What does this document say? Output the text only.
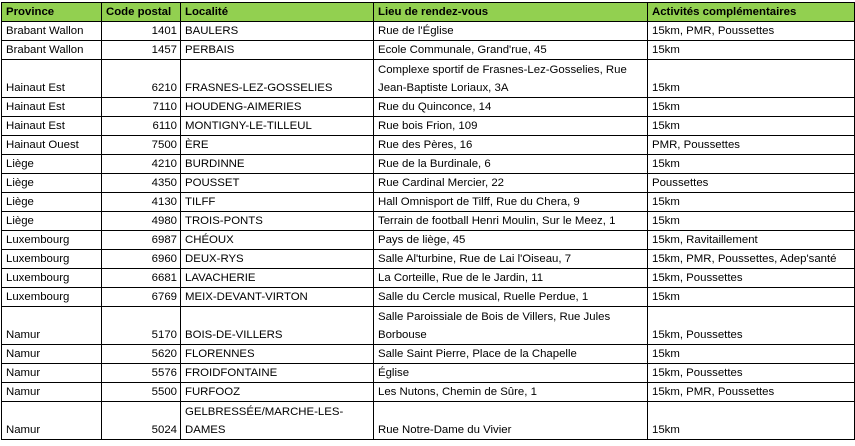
Province	Code postal	Localité	Lieu de rendez-vous	Activités complémentaires
Brabant Wallon	1401	BAULERS	Rue de l'Église	15km, PMR, Poussettes
Brabant Wallon	1457	PERBAIS	Ecole Communale, Grand'rue, 45	15km
Hainaut Est	6210	FRASNES-LEZ-GOSSELIES	Complexe sportif de Frasnes-Lez-Gosselies, Rue Jean-Baptiste Loriaux, 3A	15km
Hainaut Est	7110	HOUDENG-AIMERIES	Rue du Quinconce, 14	15km
Hainaut Est	6110	MONTIGNY-LE-TILLEUL	Rue bois Frion, 109	15km
Hainaut Ouest	7500	ÈRE	Rue des Pères, 16	PMR, Poussettes
Liège	4210	BURDINNE	Rue de la Burdinale, 6	15km
Liège	4350	POUSSET	Rue Cardinal Mercier, 22	Poussettes
Liège	4130	TILFF	Hall Omnisport de Tilff, Rue du Chera, 9	15km
Liège	4980	TROIS-PONTS	Terrain de football Henri Moulin, Sur le Meez, 1	15km
Luxembourg	6987	CHÉOUX	Pays de liège, 45	15km, Ravitaillement
Luxembourg	6960	DEUX-RYS	Salle Al'turbine, Rue de Lai l'Oiseau, 7	15km, PMR, Poussettes, Adep'santé
Luxembourg	6681	LAVACHERIE	La Corteille, Rue de le Jardin, 11	15km, Poussettes
Luxembourg	6769	MEIX-DEVANT-VIRTON	Salle du Cercle musical, Ruelle Perdue, 1	15km
Namur	5170	BOIS-DE-VILLERS	Salle Paroissiale de Bois de Villers, Rue Jules Borbouse	15km, Poussettes
Namur	5620	FLORENNES	Salle Saint Pierre, Place de la Chapelle	15km
Namur	5576	FROIDFONTAINE	Église	15km, Poussettes
Namur	5500	FURFOOZ	Les Nutons, Chemin de Sûre, 1	15km, PMR, Poussettes
Namur	5024	GELBRESSÉE/MARCHE-LES-DAMES	Rue Notre-Dame du Vivier	15km
